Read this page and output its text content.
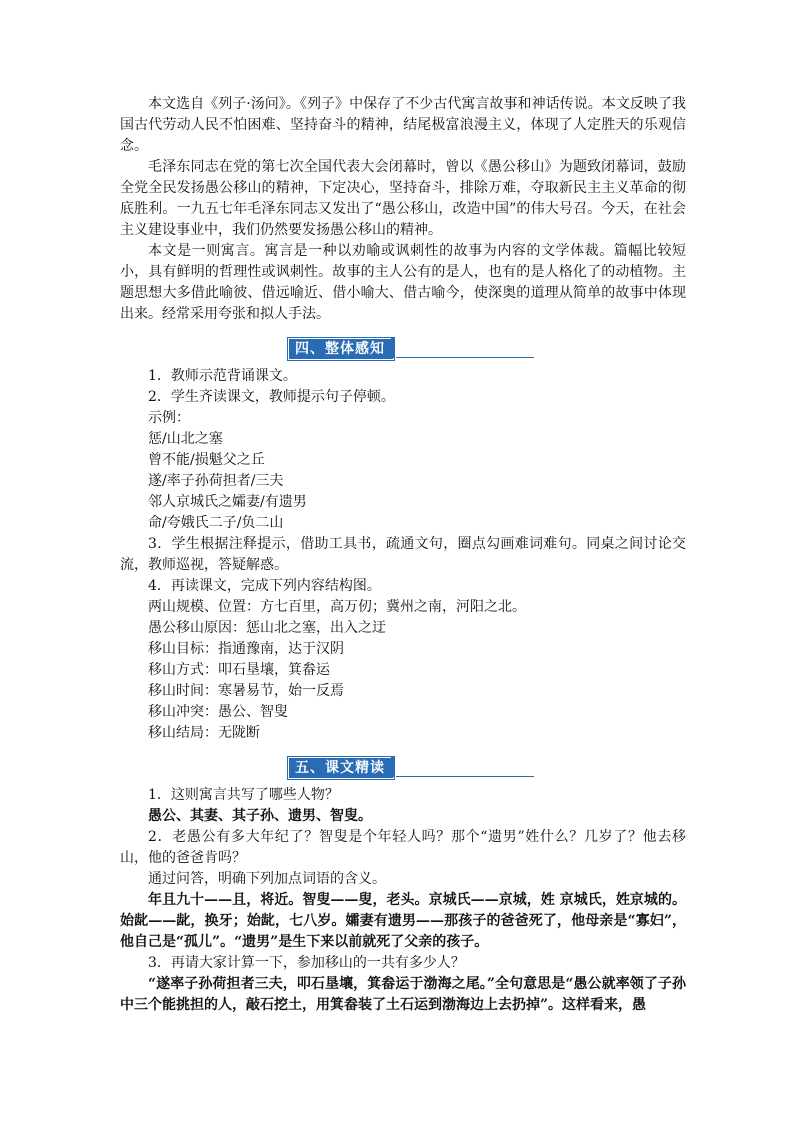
本文选自《列子·汤问》。《列子》中保存了不少古代寓言故事和神话传说。本文反映了我国古代劳动人民不怕困难、坚持奋斗的精神，结尾极富浪漫主义，体现了人定胜天的乐观信念。

毛泽东同志在党的第七次全国代表大会闭幕时，曾以《愚公移山》为题致闭幕词，鼓励全党全民发扬愚公移山的精神，下定决心，坚持奋斗，排除万难，夺取新民主主义革命的彻底胜利。一九五七年毛泽东同志又发出了“愚公移山，改造中国”的伟大号召。今天，在社会主义建设事业中，我们仍然要发扬愚公移山的精神。

本文是一则寓言。寓言是一种以劝喻或讽刺性的故事为内容的文学体裁。篇幅比较短小，具有鲜明的哲理性或讽刺性。故事的主人公有的是人，也有的是人格化了的动植物。主题思想大多借此喻彼、借远喻近、借小喻大、借古喻今，使深奥的道理从简单的故事中体现出来。经常采用夸张和拟人手法。

四、整体感知

1．教师示范背诵课文。

2．学生齐读课文，教师提示句子停顿。

示例：

惩/山北之塞

曾不能/损魁父之丘

遂/率子孙荷担者/三夫

邻人京城氏之孀妻/有遗男

命/夸娥氏二子/负二山

3．学生根据注释提示，借助工具书，疏通文句，圈点勾画难词难句。同桌之间讨论交流，教师巡视，答疑解惑。

4．再读课文，完成下列内容结构图。

两山规模、位置：方七百里，高万仞；冀州之南，河阳之北。

愚公移山原因：惩山北之塞，出入之迂

移山目标：指通豫南，达于汉阴

移山方式：叩石垦壤，箕畚运

移山时间：寒暑易节，始一反焉

移山冲突：愚公、智叟

移山结局：无陇断

五、课文精读

1．这则寓言共写了哪些人物？

愚公、其妻、其子孙、遗男、智叟。

2．老愚公有多大年纪了？智叟是个年轻人吗？那个“遗男”姓什么？几岁了？他去移山，他的爸爸肯吗？

通过问答，明确下列加点词语的含义。

年且九十——且，将近。智叟——叟，老头。京城氏——京城，姓 京城氏，姓京城的。始龀——龀，换牙；始龀，七八岁。孀妻有遗男——那孩子的爸爸死了，他母亲是“寡妇”，他自己是“孤儿”。“遗男”是生下来以前就死了父亲的孩子。

3．再请大家计算一下，参加移山的一共有多少人？

“遂率子孙荷担者三夫，叩石垦壤，箕畚运于渤海之尾。”全句意思是“愚公就率领了子孙中三个能挑担的人，敲石挖土，用箕畚装了土石运到渤海边上去扔掉”。这样看来，愚
